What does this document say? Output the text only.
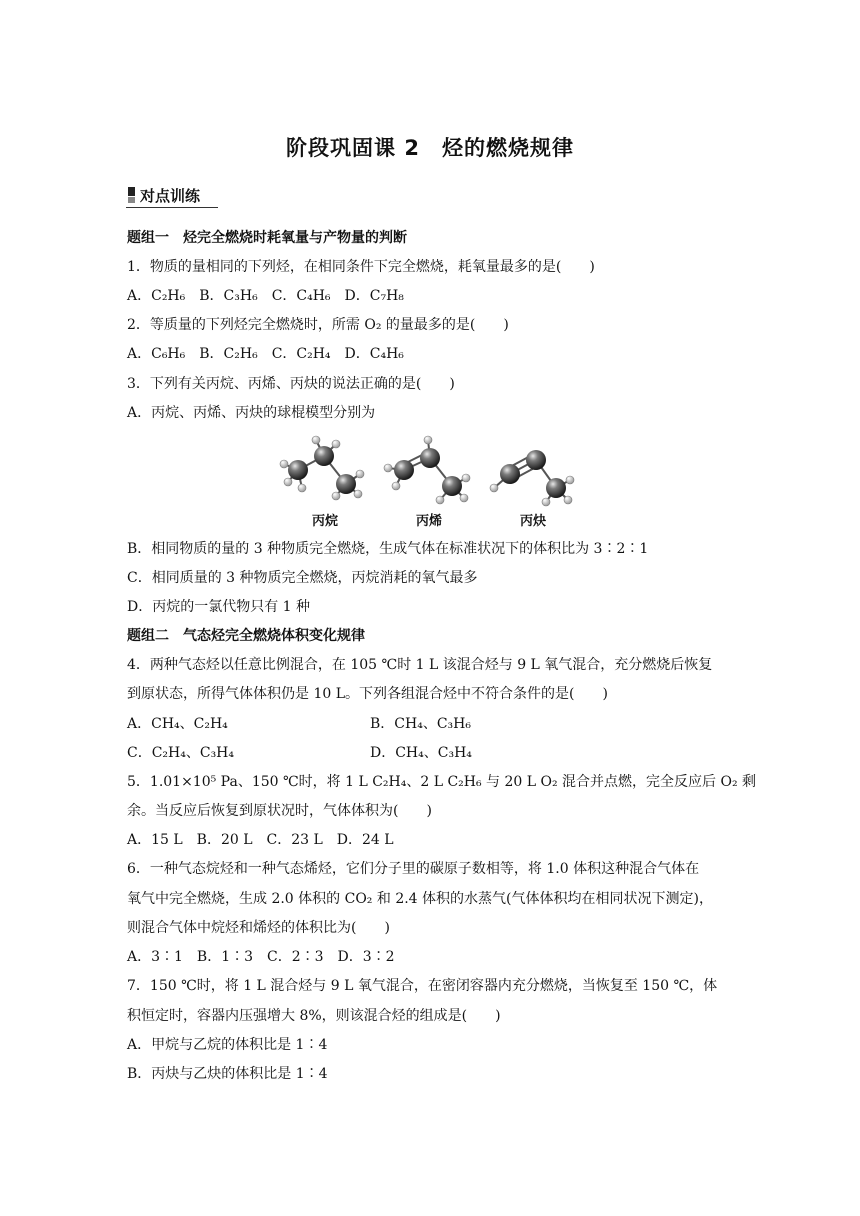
阶段巩固课 2　烃的燃烧规律
对点训练
题组一　烃完全燃烧时耗氧量与产物量的判断
1．物质的量相同的下列烃，在相同条件下完全燃烧，耗氧量最多的是(　　)
A．C₂H₆　B．C₃H₆　C．C₄H₆　D．C₇H₈
2．等质量的下列烃完全燃烧时，所需 O₂ 的量最多的是(　　)
A．C₆H₆　B．C₂H₆　C．C₂H₄　D．C₄H₆
3．下列有关丙烷、丙烯、丙炔的说法正确的是(　　)
A．丙烷、丙烯、丙炔的球棍模型分别为
丙烷	丙烯	丙炔
B．相同物质的量的 3 种物质完全燃烧，生成气体在标准状况下的体积比为 3∶2∶1
C．相同质量的 3 种物质完全燃烧，丙烷消耗的氧气最多
D．丙烷的一氯代物只有 1 种
题组二　气态烃完全燃烧体积变化规律
4．两种气态烃以任意比例混合，在 105 ℃时 1 L 该混合烃与 9 L 氧气混合，充分燃烧后恢复
到原状态，所得气体体积仍是 10 L。下列各组混合烃中不符合条件的是(　　)
A．CH₄、C₂H₄	B．CH₄、C₃H₆
C．C₂H₄、C₃H₄	D．CH₄、C₃H₄
5．1.01×10⁵ Pa、150 ℃时，将 1 L C₂H₄、2 L C₂H₆ 与 20 L O₂ 混合并点燃，完全反应后 O₂ 剩
余。当反应后恢复到原状况时，气体体积为(　　)
A．15 L　B．20 L　C．23 L　D．24 L
6．一种气态烷烃和一种气态烯烃，它们分子里的碳原子数相等，将 1.0 体积这种混合气体在
氧气中完全燃烧，生成 2.0 体积的 CO₂ 和 2.4 体积的水蒸气(气体体积均在相同状况下测定)，
则混合气体中烷烃和烯烃的体积比为(　　)
A．3∶1　B．1∶3　C．2∶3　D．3∶2
7．150 ℃时，将 1 L 混合烃与 9 L 氧气混合，在密闭容器内充分燃烧，当恢复至 150 ℃，体
积恒定时，容器内压强增大 8%，则该混合烃的组成是(　　)
A．甲烷与乙烷的体积比是 1∶4
B．丙炔与乙炔的体积比是 1∶4
